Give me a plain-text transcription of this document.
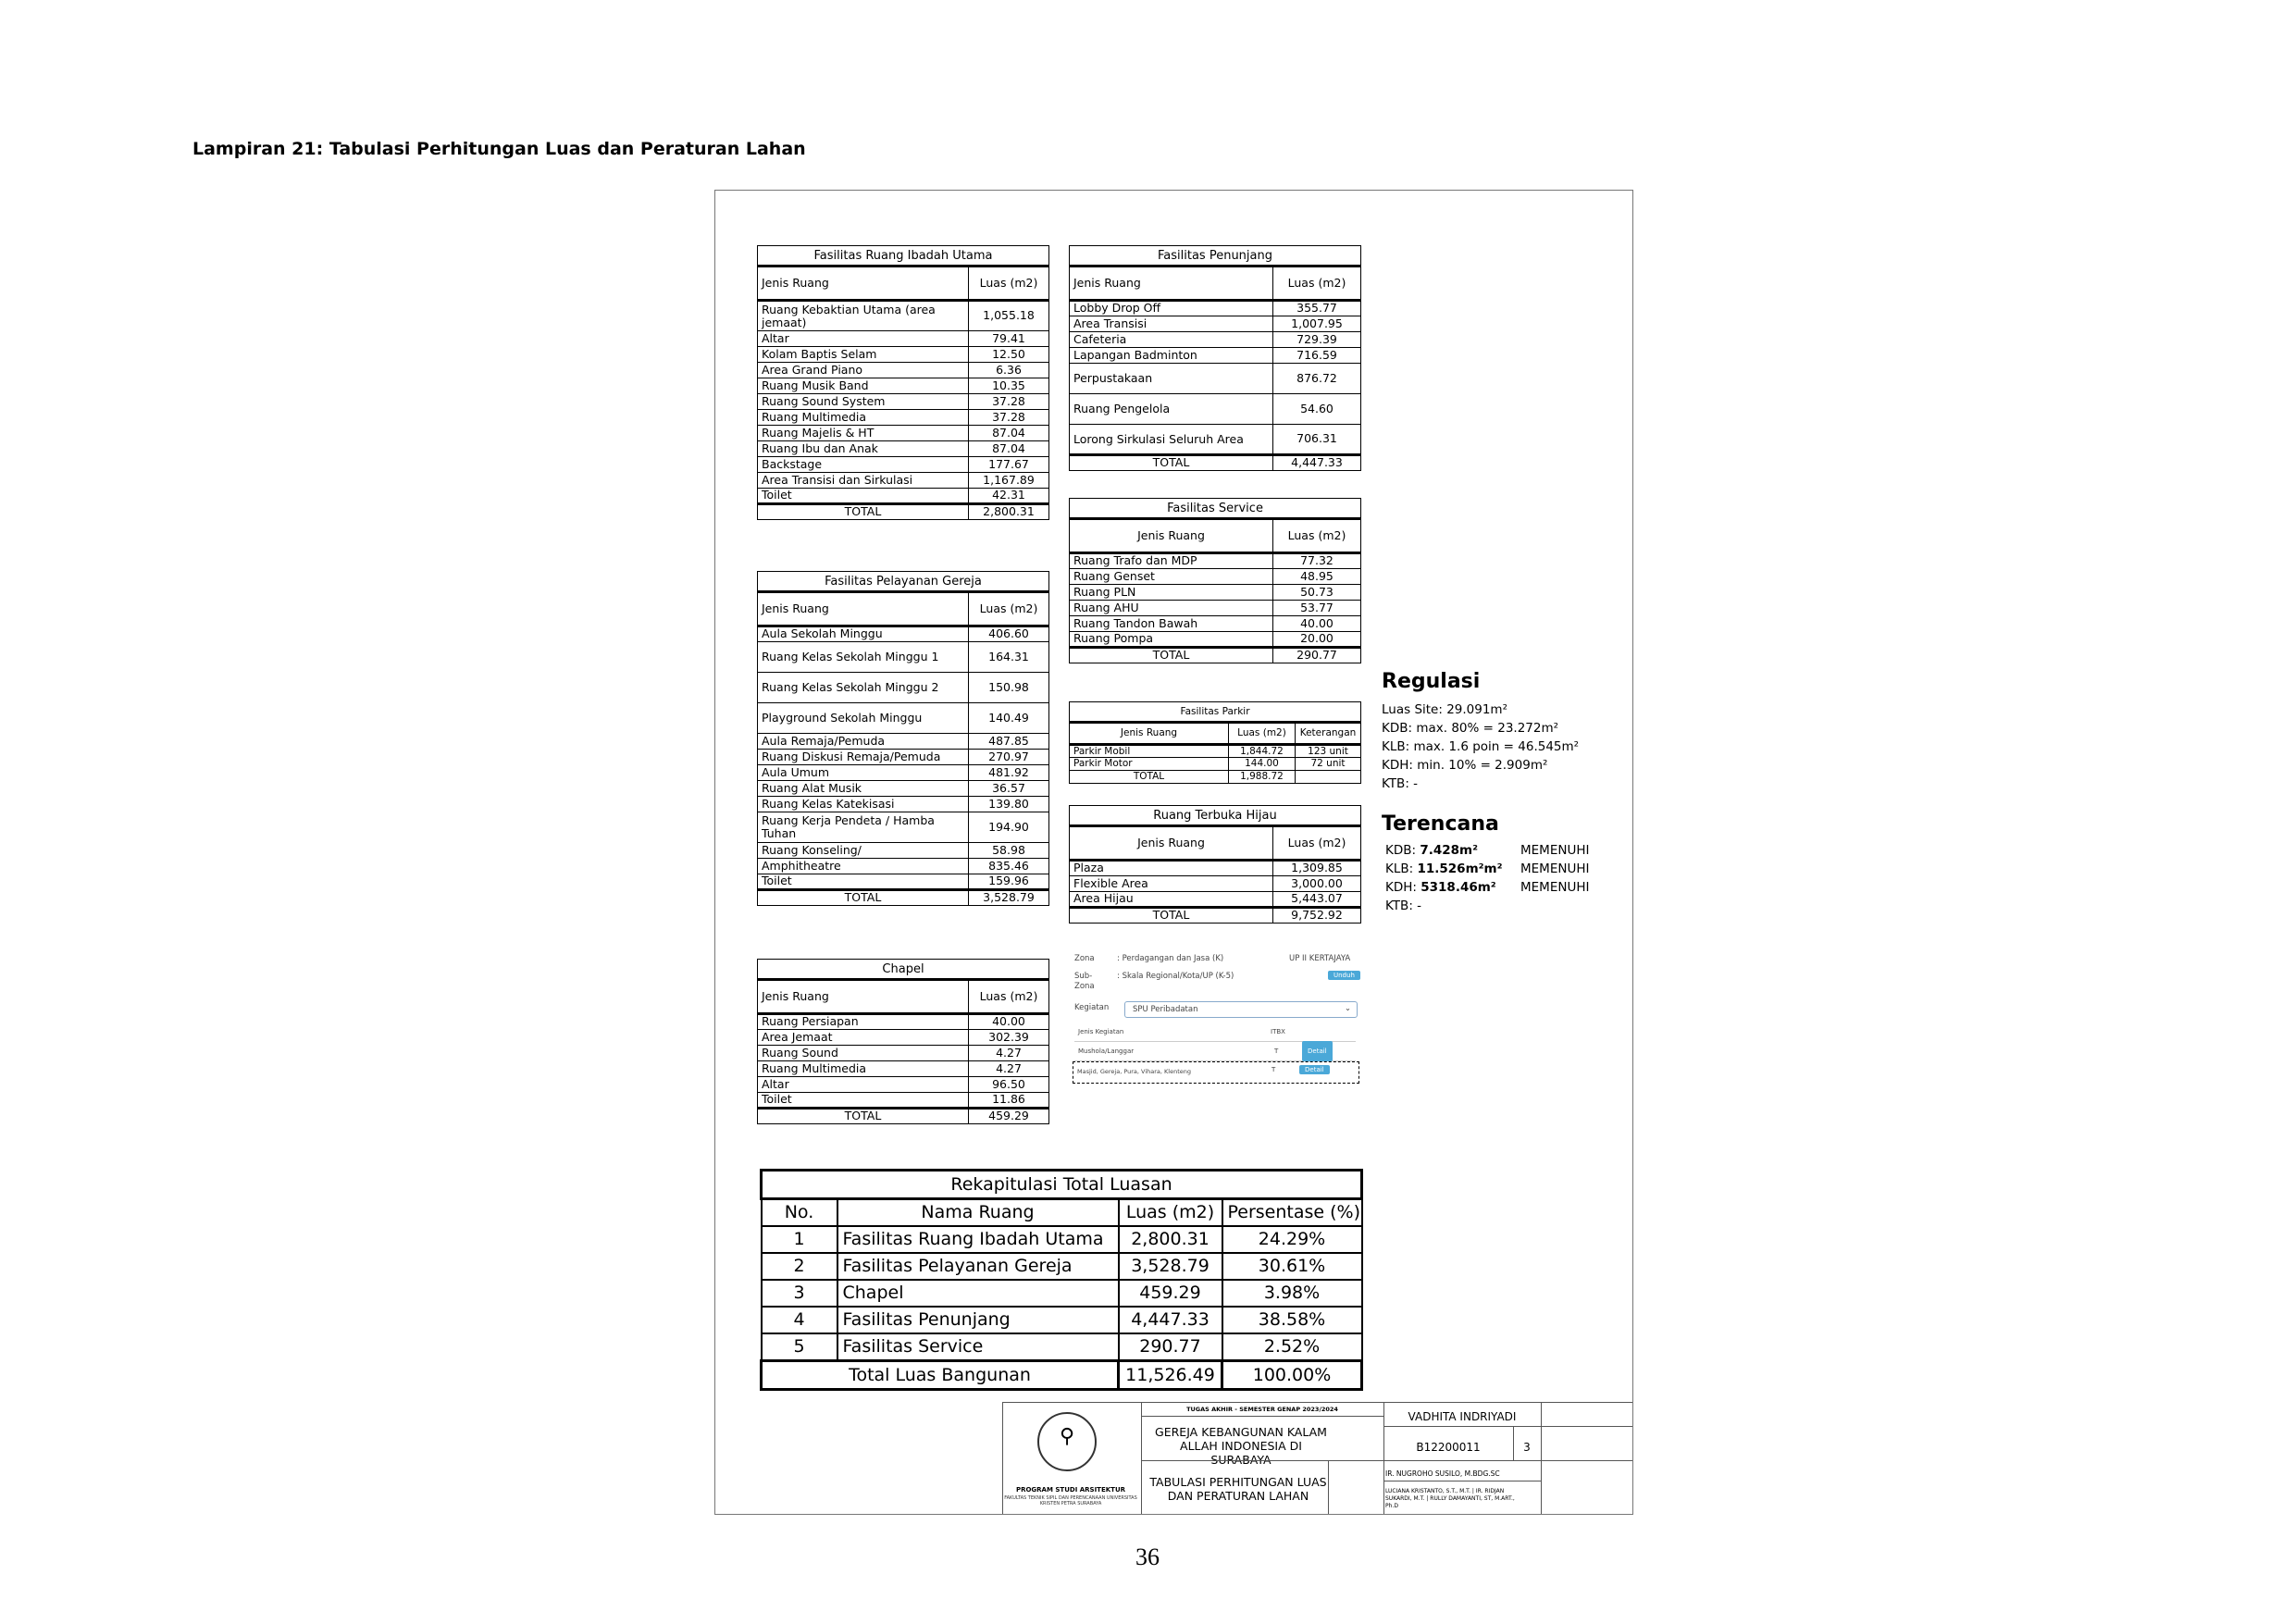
Lampiran 21: Tabulasi Perhitungan Luas dan Peraturan Lahan
Fasilitas Ruang Ibadah Utama	
Jenis Ruang	Luas (m2)
Ruang Kebaktian Utama (area jemaat)	1,055.18
Altar	79.41
Kolam Baptis Selam	12.50
Area Grand Piano	6.36
Ruang Musik Band	10.35
Ruang Sound System	37.28
Ruang Multimedia	37.28
Ruang Majelis & HT	87.04
Ruang Ibu dan Anak	87.04
Backstage	177.67
Area Transisi dan Sirkulasi	1,167.89
Toilet	42.31
TOTAL	2,800.31
Fasilitas Pelayanan Gereja	
Jenis Ruang	Luas (m2)
Aula Sekolah Minggu	406.60
Ruang Kelas Sekolah Minggu 1	164.31
Ruang Kelas Sekolah Minggu 2	150.98
Playground Sekolah Minggu	140.49
Aula Remaja/Pemuda	487.85
Ruang Diskusi Remaja/Pemuda	270.97
Aula Umum	481.92
Ruang Alat Musik	36.57
Ruang Kelas Katekisasi	139.80
Ruang Kerja Pendeta / Hamba Tuhan	194.90
Ruang Konseling/	58.98
Amphitheatre	835.46
Toilet	159.96
TOTAL	3,528.79
Chapel	
Jenis Ruang	Luas (m2)
Ruang Persiapan	40.00
Area Jemaat	302.39
Ruang Sound	4.27
Ruang Multimedia	4.27
Altar	96.50
Toilet	11.86
TOTAL	459.29
Fasilitas Penunjang	
Jenis Ruang	Luas (m2)
Lobby Drop Off	355.77
Area Transisi	1,007.95
Cafeteria	729.39
Lapangan Badminton	716.59
Perpustakaan	876.72
Ruang Pengelola	54.60
Lorong Sirkulasi Seluruh Area	706.31
TOTAL	4,447.33
Fasilitas Service	
Jenis Ruang	Luas (m2)
Ruang Trafo dan MDP	77.32
Ruang Genset	48.95
Ruang PLN	50.73
Ruang AHU	53.77
Ruang Tandon Bawah	40.00
Ruang Pompa	20.00
TOTAL	290.77
Fasilitas Parkir		
Jenis Ruang	Luas (m2)	Keterangan
Parkir Mobil	1,844.72	123 unit
Parkir Motor	144.00	72 unit
TOTAL	1,988.72	
Ruang Terbuka Hijau	
Jenis Ruang	Luas (m2)
Plaza	1,309.85
Flexible Area	3,000.00
Area Hijau	5,443.07
TOTAL	9,752.92
Regulasi
Luas Site: 29.091m²
KDB: max. 80% = 23.272m²
KLB: max. 1.6 poin = 46.545m²
KDH: min. 10% = 2.909m²
KTB: -
Terencana
KDB: 7.428m²	MEMENUHI
KLB: 11.526m²m² MEMENUHI
KDH: 5318.46m² MEMENUHI
KTB: -
Zona	: Perdagangan dan Jasa (K)	UP II KERTAJAYA
Sub-Zona
: Skala Regional/Kota/UP (K-5)	Unduh
Kegiatan	SPU Peribadatan	⌄
Jenis Kegiatan	ITBX
Mushola/Langgar	T	Detail
Masjid, Gereja, Pura, Vihara, Klenteng	T	Detail
Rekapitulasi Total Luasan			
No.	Nama Ruang	Luas (m2)	Persentase (%)
1	Fasilitas Ruang Ibadah Utama	2,800.31	24.29%
2	Fasilitas Pelayanan Gereja	3,528.79	30.61%
3	Chapel	459.29	3.98%
4	Fasilitas Penunjang	4,447.33	38.58%
5	Fasilitas Service	290.77	2.52%
Total Luas Bangunan		11,526.49	100.00%
⚲
PROGRAM STUDI ARSITEKTUR
FAKULTAS TEKNIK SIPIL DAN PERENCANAAN UNIVERSITAS KRISTEN PETRA SURABAYA
TUGAS AKHIR - SEMESTER GENAP 2023/2024
GEREJA KEBANGUNAN KALAM ALLAH INDONESIA DI SURABAYA
TABULASI PERHITUNGAN LUAS DAN PERATURAN LAHAN
VADHITA INDRIYADI
B12200011	3
IR. NUGROHO SUSILO, M.BDG.SC
LUCIANA KRISTANTO, S.T., M.T. | IR. RIDJAN SUKARDI, M.T. | RULLY DAMAYANTI, ST, M.ART., Ph.D
36
